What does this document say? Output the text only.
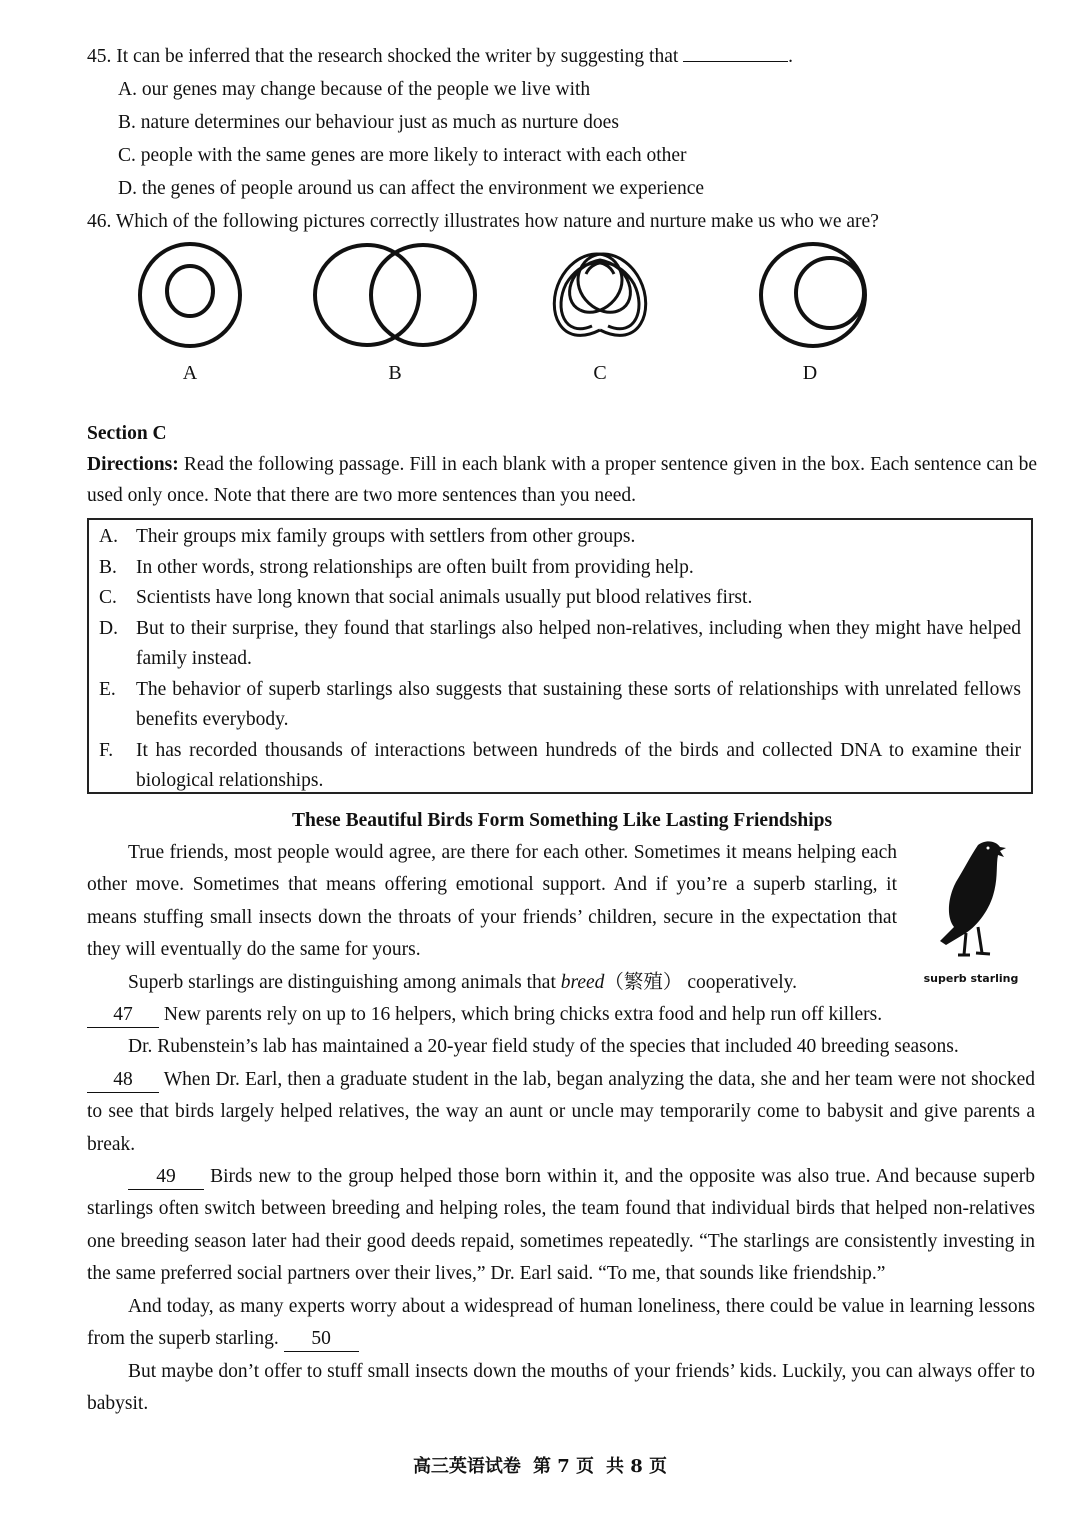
45. It can be inferred that the research shocked the writer by suggesting that	.
A. our genes may change because of the people we live with
B. nature determines our behaviour just as much as nurture does
C. people with the same genes are more likely to interact with each other
D. the genes of people around us can affect the environment we experience
46. Which of the following pictures correctly illustrates how nature and nurture make us who we are?
A	B	C	D
Section C
Directions: Read the following passage. Fill in each blank with a proper sentence given in the box. Each sentence can be used only once. Note that there are two more sentences than you need.
A. Their groups mix family groups with settlers from other groups.
B. In other words, strong relationships are often built from providing help.
C. Scientists have long known that social animals usually put blood relatives first.
D. But to their surprise, they found that starlings also helped non-relatives, including when they might have helped family instead.
E.	The behavior of superb starlings also suggests that sustaining these sorts of relationships with unrelated fellows benefits everybody.
F.	It has recorded thousands of interactions between hundreds of the birds and collected DNA to examine their biological relationships.
These Beautiful Birds Form Something Like Lasting Friendships
superb starling

True friends, most people would agree, are there for each other. Sometimes it means helping each other move. Sometimes that means offering emotional support. And if you’re a superb starling, it means stuffing small insects down the throats of your friends’ children, secure in the expectation that they will eventually do the same for yours.

Superb starlings are distinguishing among animals that breed（繁殖） cooperatively.

47 New parents rely on up to 16 helpers, which bring chicks extra food and help run off killers.

Dr. Rubenstein’s lab has maintained a 20-year field study of the species that included 40 breeding seasons.

48 When Dr. Earl, then a graduate student in the lab, began analyzing the data, she and her team were not shocked to see that birds largely helped relatives, the way an aunt or uncle may temporarily come to babysit and give parents a break.

49 Birds new to the group helped those born within it, and the opposite was also true. And because superb starlings often switch between breeding and helping roles, the team found that individual birds that helped non-relatives one breeding season later had their good deeds repaid, sometimes repeatedly. “The starlings are consistently investing in the same preferred social partners over their lives,” Dr. Earl said. “To me, that sounds like friendship.”

And today, as many experts worry about a widespread of human loneliness, there could be value in learning lessons from the superb starling. 50

But maybe don’t offer to stuff small insects down the mouths of your friends’ kids. Luckily, you can always offer to babysit.

高三英语试卷 第 7 页 共 8 页
